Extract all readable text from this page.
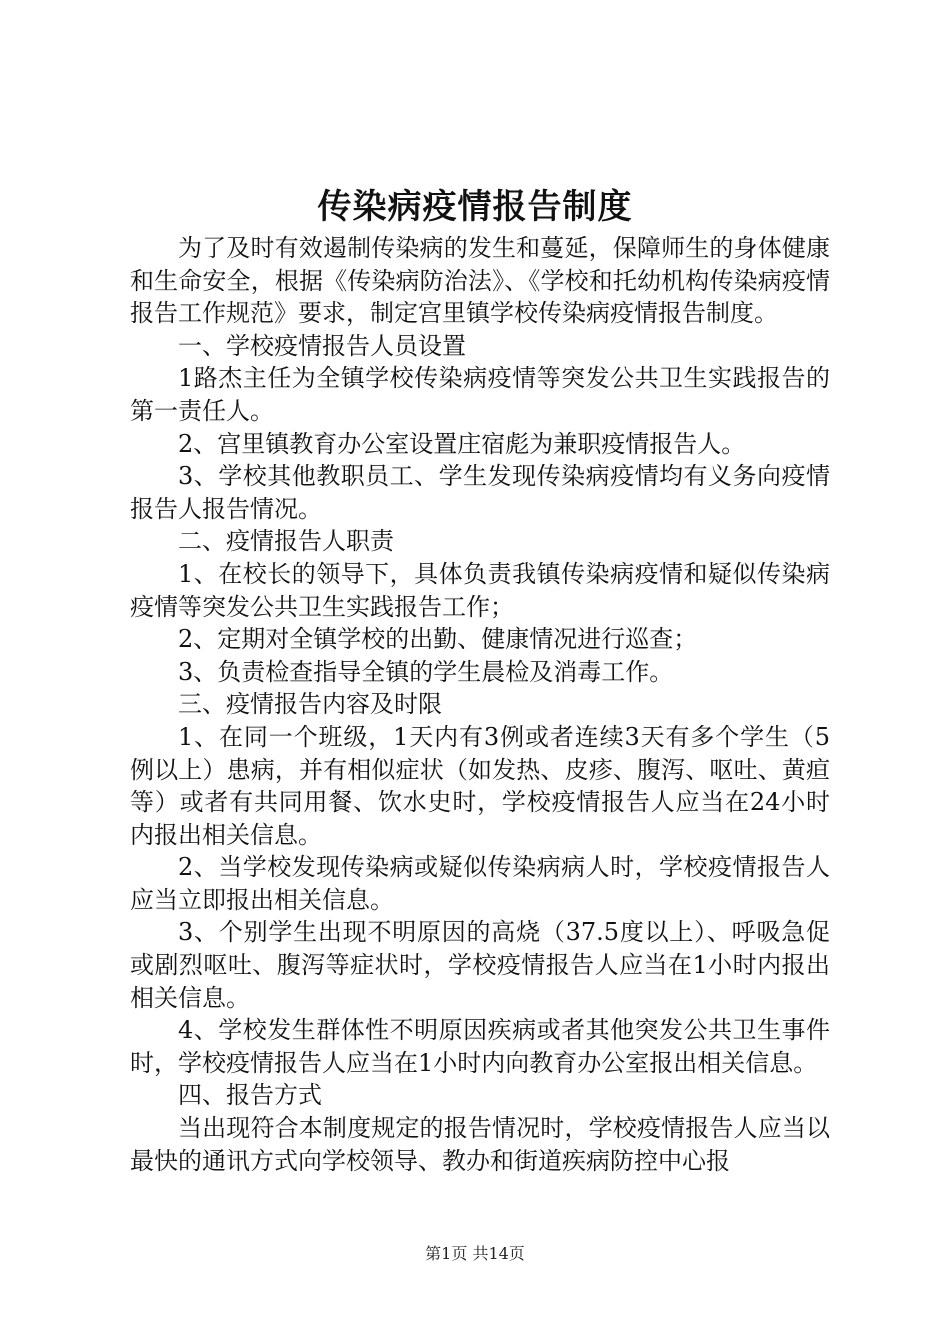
传染病疫情报告制度

为了及时有效遏制传染病的发生和蔓延，保障师生的身体健康和生命安全，根据《传染病防治法》、《学校和托幼机构传染病疫情报告工作规范》要求，制定宫里镇学校传染病疫情报告制度。

一、学校疫情报告人员设置

1路杰主任为全镇学校传染病疫情等突发公共卫生实践报告的第一责任人。

2、宫里镇教育办公室设置庄宿彪为兼职疫情报告人。

3、学校其他教职员工、学生发现传染病疫情均有义务向疫情报告人报告情况。

二、疫情报告人职责

1、在校长的领导下，具体负责我镇传染病疫情和疑似传染病疫情等突发公共卫生实践报告工作；

2、定期对全镇学校的出勤、健康情况进行巡查；

3、负责检查指导全镇的学生晨检及消毒工作。

三、疫情报告内容及时限

1、在同一个班级，1天内有3例或者连续3天有多个学生（5例以上）患病，并有相似症状（如发热、皮疹、腹泻、呕吐、黄疸等）或者有共同用餐、饮水史时，学校疫情报告人应当在24小时内报出相关信息。

2、当学校发现传染病或疑似传染病病人时，学校疫情报告人应当立即报出相关信息。

3、个别学生出现不明原因的高烧（37.5度以上）、呼吸急促或剧烈呕吐、腹泻等症状时，学校疫情报告人应当在1小时内报出相关信息。

4、学校发生群体性不明原因疾病或者其他突发公共卫生事件时，学校疫情报告人应当在1小时内向教育办公室报出相关信息。

四、报告方式

当出现符合本制度规定的报告情况时，学校疫情报告人应当以最快的通讯方式向学校领导、教办和街道疾病防控中心报

第1页 共14页
